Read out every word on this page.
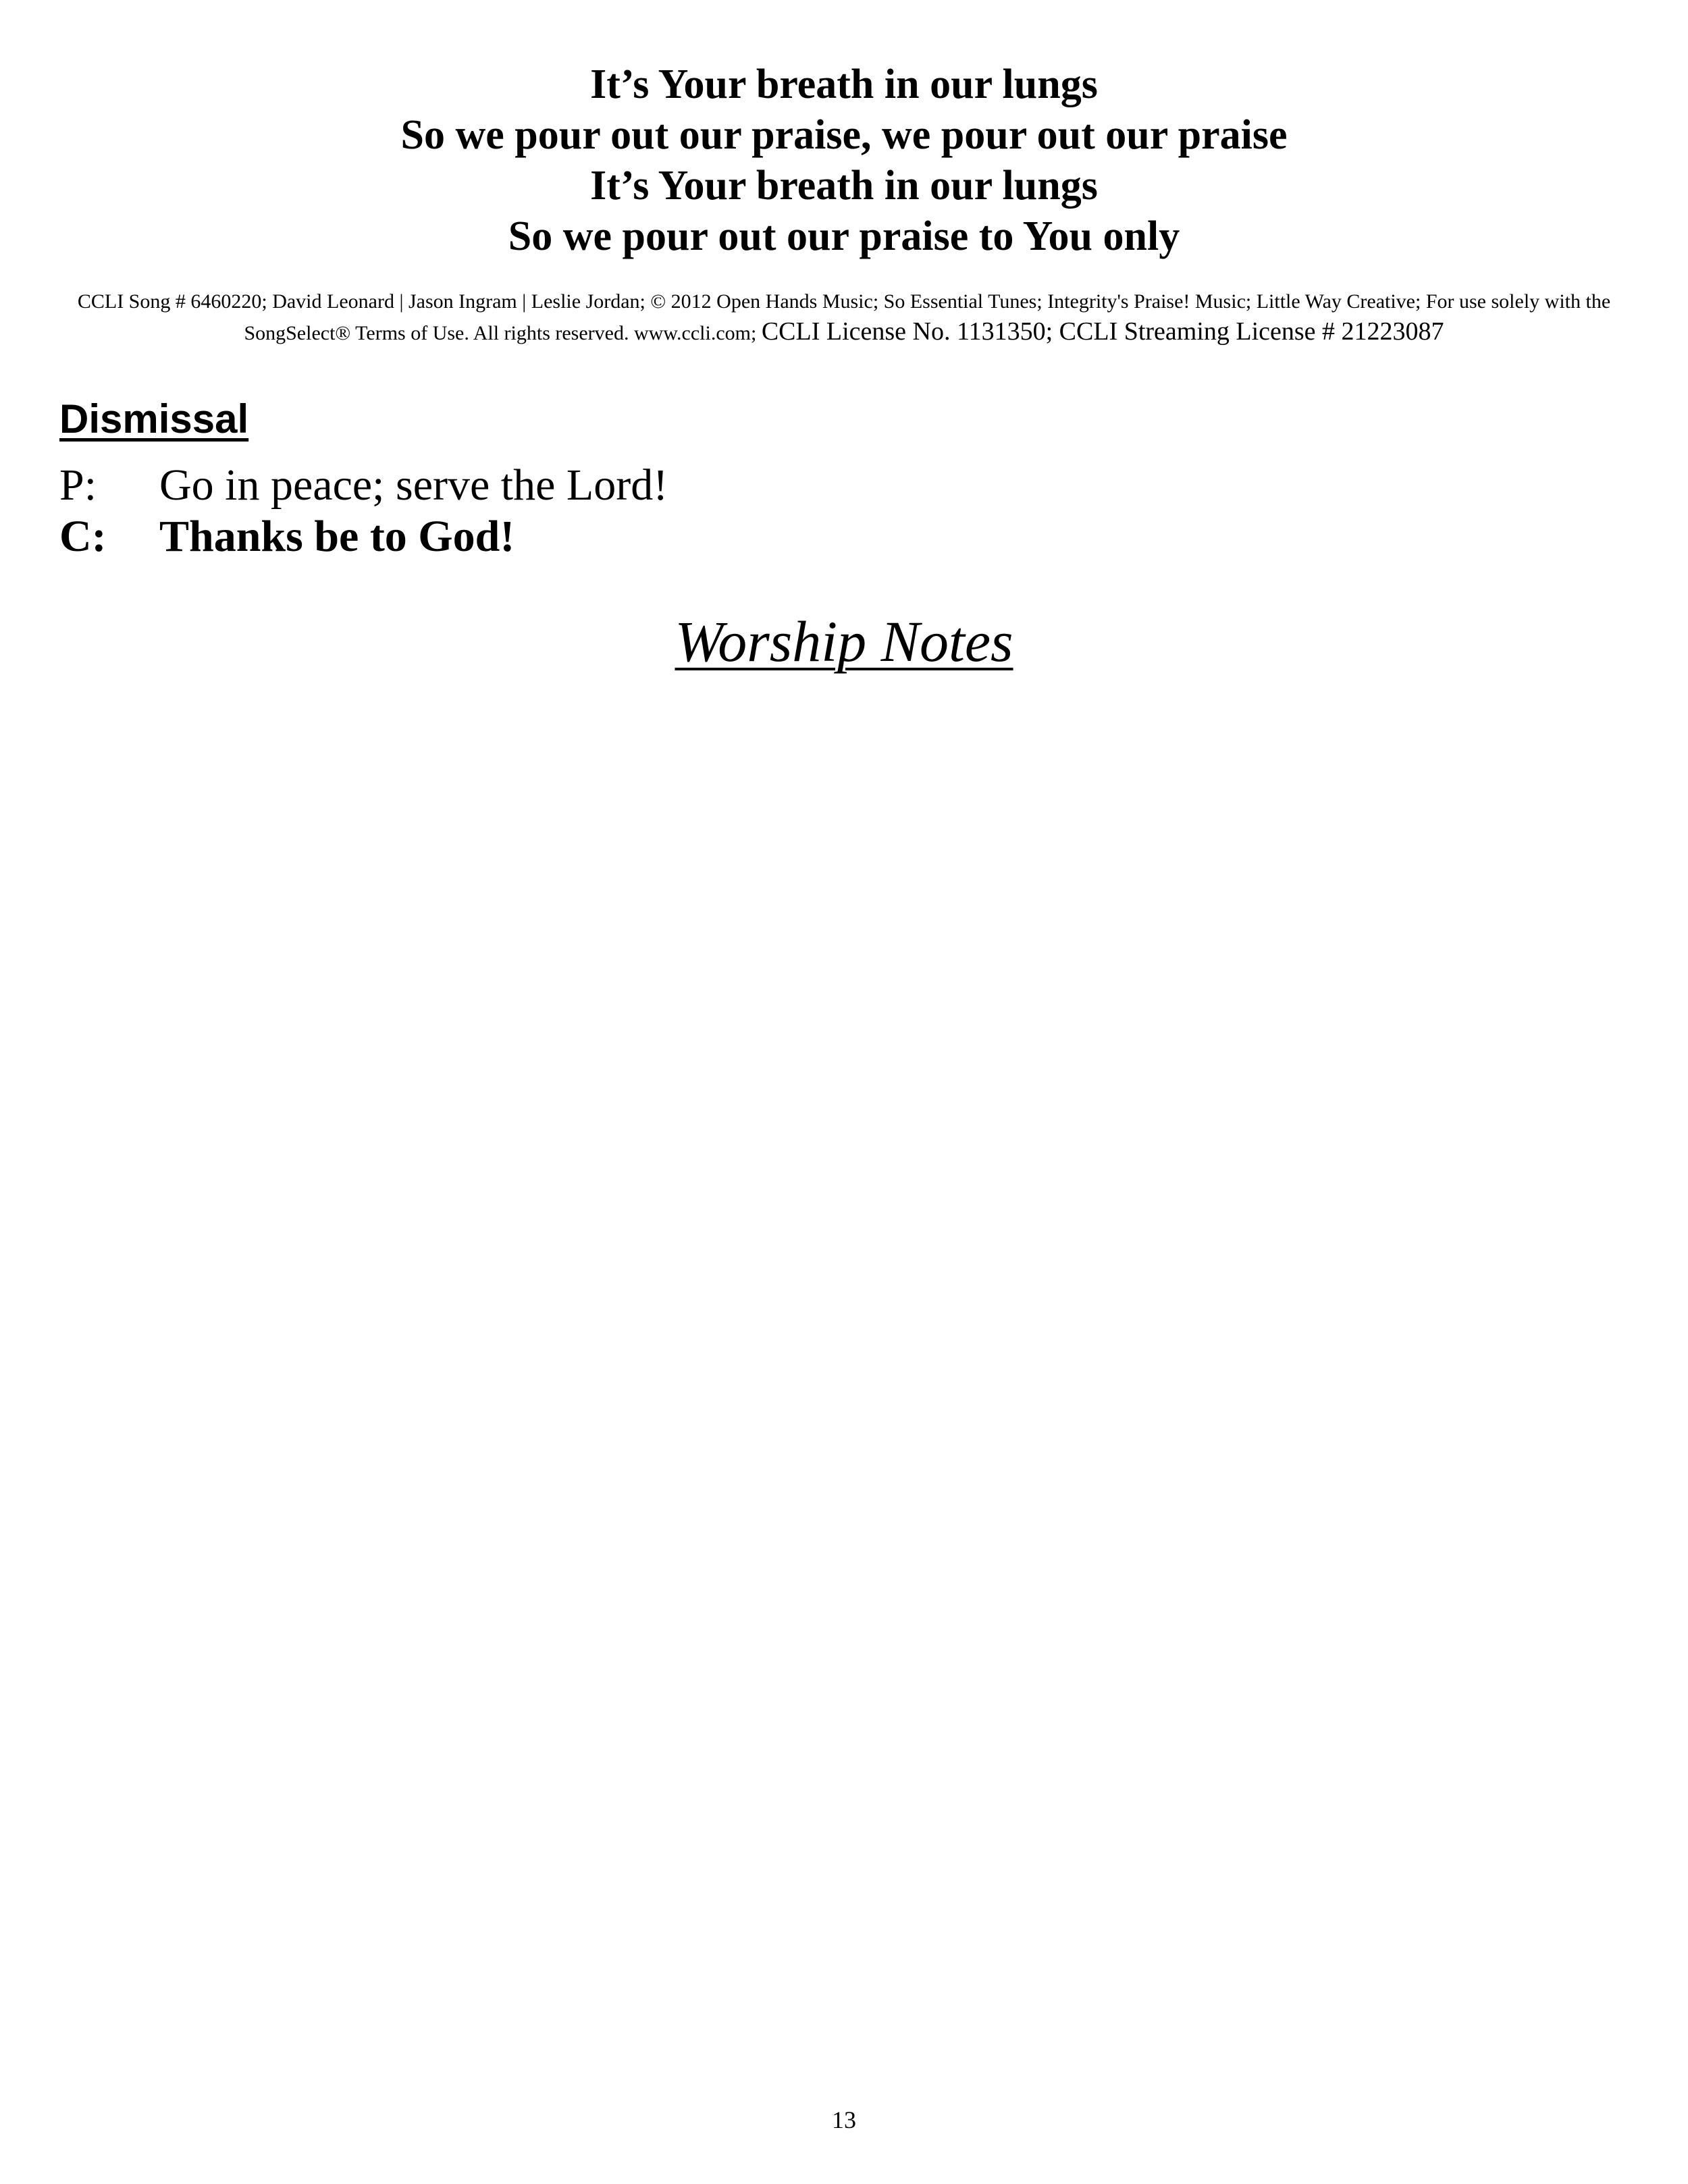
It’s Your breath in our lungs
So we pour out our praise, we pour out our praise
It’s Your breath in our lungs
So we pour out our praise to You only
CCLI Song # 6460220; David Leonard | Jason Ingram | Leslie Jordan; © 2012 Open Hands Music; So Essential Tunes; Integrity's Praise! Music; Little Way Creative; For use solely with the SongSelect® Terms of Use. All rights reserved. www.ccli.com; CCLI License No. 1131350; CCLI Streaming License # 21223087
Dismissal
P: Go in peace; serve the Lord!
C: Thanks be to God!
Worship Notes
13
